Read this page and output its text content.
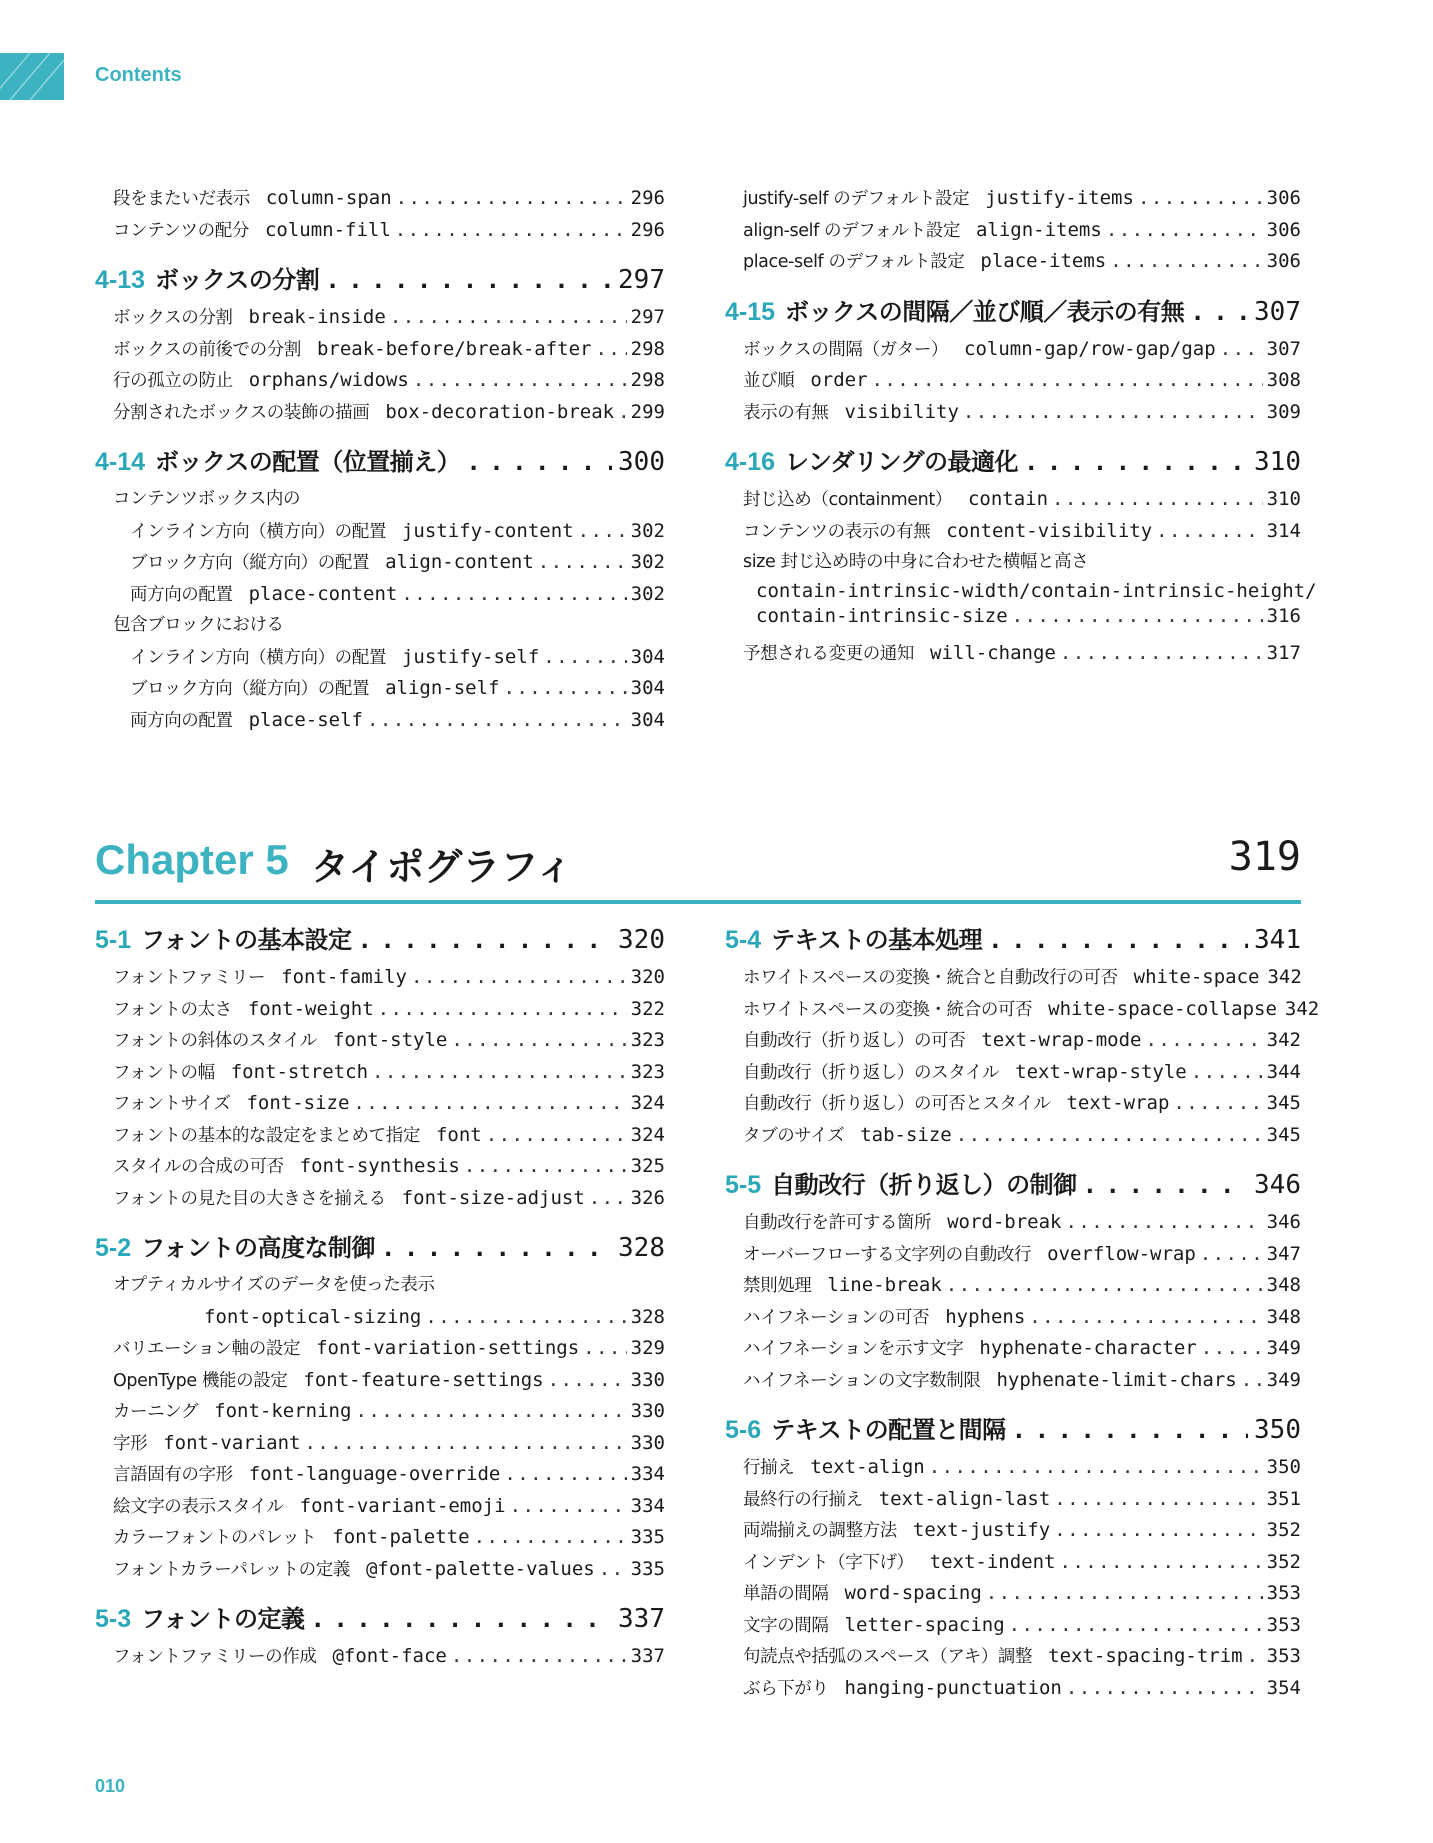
Contents
段をまたいだ表示 column-span . . .	296
コンテンツの配分 column-fill . . .	296
4-13 ボックスの分割 . . .	297
ボックスの分割 break-inside . . .	297
ボックスの前後での分割 break-before/break-after . . . 298
行の孤立の防止 orphans/widows . . .	298
分割されたボックスの装飾の描画 box-decoration-break . . . 299
4-14 ボックスの配置（位置揃え） . . .	300
コンテンツボックス内の
インライン方向（横方向）の配置 justify-content . . .	302
ブロック方向（縦方向）の配置 align-content . . .	302
両方向の配置 place-content . . .	302
包含ブロックにおける
インライン方向（横方向）の配置 justify-self . . .	304
ブロック方向（縦方向）の配置 align-self . . .	304
両方向の配置 place-self . . .	304
justify-self のデフォルト設定 justify-items . . .	306
align-self のデフォルト設定 align-items . . .	306
place-self のデフォルト設定 place-items . . .	306
4-15 ボックスの間隔／並び順／表示の有無 . . .	307
ボックスの間隔（ガター） column-gap/row-gap/gap . . .	307
並び順 order . . .	308
表示の有無 visibility . . .	309
4-16 レンダリングの最適化 . . .	310
封じ込め（containment） contain . . .	310
コンテンツの表示の有無 content-visibility . . .	314
size 封じ込め時の中身に合わせた横幅と高さ
contain-intrinsic-width/contain-intrinsic-height/
contain-intrinsic-size . . .	316
予想される変更の通知 will-change . . .	317
Chapter 5 タイポグラフィ	319
5-1 フォントの基本設定 . . .	320
フォントファミリー font-family . . .	320
フォントの太さ font-weight . . .	322
フォントの斜体のスタイル font-style . . .	323
フォントの幅 font-stretch . . .	323
フォントサイズ font-size . . .	324
フォントの基本的な設定をまとめて指定 font . . .	324
スタイルの合成の可否 font-synthesis . . .	325
フォントの見た目の大きさを揃える font-size-adjust . . . 326
5-2 フォントの高度な制御 . . .	328
オプティカルサイズのデータを使った表示
font-optical-sizing . . .	328
バリエーション軸の設定 font-variation-settings . . .	329
OpenType 機能の設定 font-feature-settings . . .	330
カーニング font-kerning . . .	330
字形 font-variant . . .	330
言語固有の字形 font-language-override . . .	334
絵文字の表示スタイル font-variant-emoji . . .	334
カラーフォントのパレット font-palette . . .	335
フォントカラーパレットの定義 @font-palette-values . . . 335
5-3 フォントの定義 . . .	337
フォントファミリーの作成 @font-face . . .	337
5-4 テキストの基本処理 . . .	341
ホワイトスペースの変換・統合と自動改行の可否 white-space 342
ホワイトスペースの変換・統合の可否 white-space-collapse 342
自動改行（折り返し）の可否 text-wrap-mode . . .	342
自動改行（折り返し）のスタイル text-wrap-style . . .	344
自動改行（折り返し）の可否とスタイル text-wrap . . .	345
タブのサイズ tab-size . . .	345
5-5 自動改行（折り返し）の制御 . . .	346
自動改行を許可する箇所 word-break . . .	346
オーバーフローする文字列の自動改行 overflow-wrap . . .	347
禁則処理 line-break . . .	348
ハイフネーションの可否 hyphens . . .	348
ハイフネーションを示す文字 hyphenate-character . . .	349
ハイフネーションの文字数制限 hyphenate-limit-chars . . . 349
5-6 テキストの配置と間隔 . . .	350
行揃え text-align . . .	350
最終行の行揃え text-align-last . . .	351
両端揃えの調整方法 text-justify . . .	352
インデント（字下げ） text-indent . . .	352
単語の間隔 word-spacing . . .	353
文字の間隔 letter-spacing . . .	353
句読点や括弧のスペース（アキ）調整 text-spacing-trim . . . 353
ぶら下がり hanging-punctuation . . .	354
010
